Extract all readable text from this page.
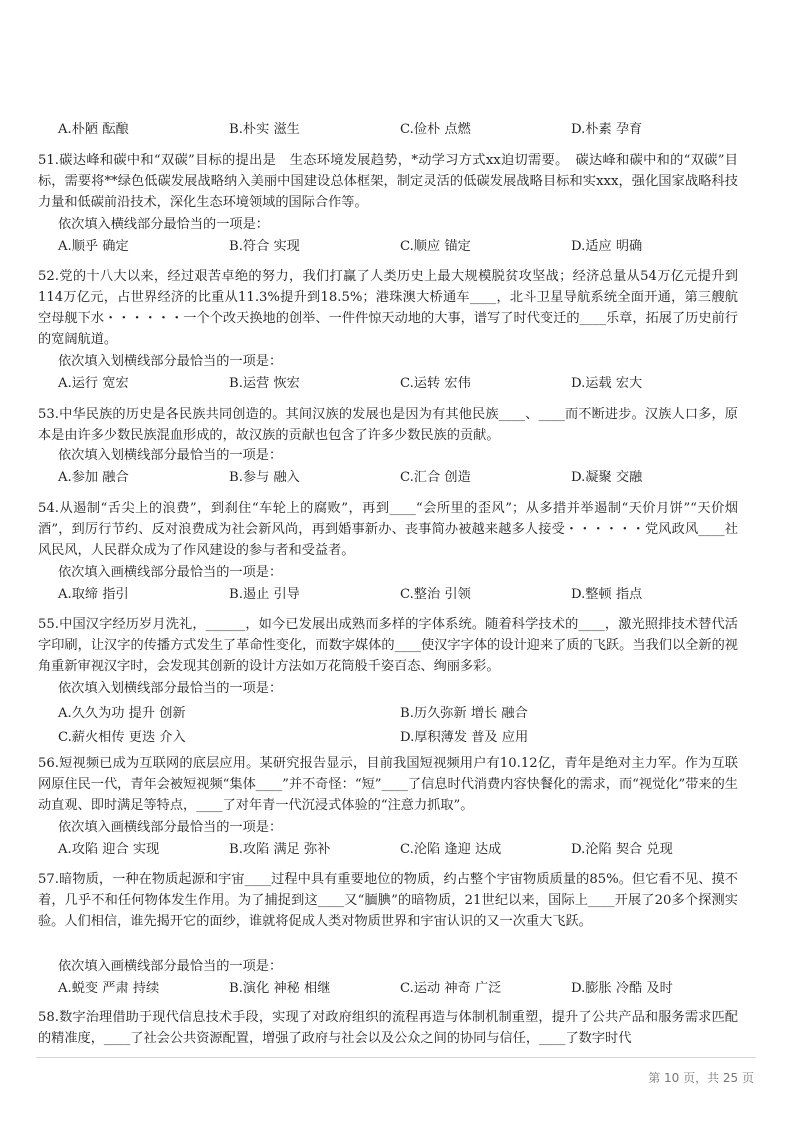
A.朴陋 酝酿	B.朴实 滋生	C.俭朴 点燃	D.朴素 孕育
51.碳达峰和碳中和“双碳”目标的提出是　生态环境发展趋势，*动学习方式xx迫切需要。　碳达峰和碳中和的“双碳”目标，需要将**绿色低碳发展战略纳入美丽中国建设总体框架，制定灵活的低碳发展战略目标和实xxx，强化国家战略科技力量和低碳前沿技术，深化生态环境领域的国际合作等。
依次填入横线部分最恰当的一项是：
A.顺乎 确定	B.符合 实现	C.顺应 锚定	D.适应 明确
52.党的十八大以来，经过艰苦卓绝的努力，我们打赢了人类历史上最大规模脱贫攻坚战；经济总量从54万亿元提升到114万亿元，占世界经济的比重从11.3%提升到18.5%；港珠澳大桥通车____，北斗卫星导航系统全面开通，第三艘航空母舰下水・・・・・・一个个改天换地的创举、一件件惊天动地的大事，谱写了时代变迁的____乐章，拓展了历史前行的宽阔航道。
依次填入划横线部分最恰当的一项是：
A.运行 宽宏	B.运营 恢宏	C.运转 宏伟	D.运载 宏大
53.中华民族的历史是各民族共同创造的。其间汉族的发展也是因为有其他民族____、____而不断进步。汉族人口多，原本是由许多少数民族混血形成的，故汉族的贡献也包含了许多少数民族的贡献。
依次填入划横线部分最恰当的一项是：
A.参加 融合	B.参与 融入	C.汇合 创造	D.凝聚 交融
54.从遏制“舌尖上的浪费”，到刹住“车轮上的腐败”，再到____“会所里的歪风”；从多措并举遏制“天价月饼”“天价烟酒”，到厉行节约、反对浪费成为社会新风尚，再到婚事新办、丧事简办被越来越多人接受・・・・・・党风政风____社风民风，人民群众成为了作风建设的参与者和受益者。
依次填入画横线部分最恰当的一项是：
A.取缔 指引	B.遏止 引导	C.整治 引领	D.整顿 指点
55.中国汉字经历岁月洗礼，______，如今已发展出成熟而多样的字体系统。随着科学技术的____，激光照排技术替代活字印刷，让汉字的传播方式发生了革命性变化，而数字媒体的____使汉字字体的设计迎来了质的飞跃。当我们以全新的视角重新审视汉字时，会发现其创新的设计方法如万花筒般千姿百态、绚丽多彩。
依次填入划横线部分最恰当的一项是：
A.久久为功 提升 创新	B.历久弥新 增长 融合
C.薪火相传 更迭 介入	D.厚积薄发 普及 应用
56.短视频已成为互联网的底层应用。某研究报告显示，目前我国短视频用户有10.12亿，青年是绝对主力军。作为互联网原住民一代，青年会被短视频“集体____”并不奇怪：“短”____了信息时代消费内容快餐化的需求，而“视觉化”带来的生动直观、即时满足等特点，____了对年青一代沉浸式体验的“注意力抓取”。
依次填入画横线部分最恰当的一项是：
A.攻陷 迎合 实现	B.攻陷 满足 弥补	C.沦陷 逢迎 达成	D.沦陷 契合 兑现
57.暗物质，一种在物质起源和宇宙____过程中具有重要地位的物质，约占整个宇宙物质质量的85%。但它看不见、摸不着，几乎不和任何物体发生作用。为了捕捉到这____又“腼腆”的暗物质，21世纪以来，国际上____开展了20多个探测实验。人们相信，谁先揭开它的面纱，谁就将促成人类对物质世界和宇宙认识的又一次重大飞跃。
依次填入画横线部分最恰当的一项是：
A.蜕变 严肃 持续	B.演化 神秘 相继	C.运动 神奇 广泛	D.膨胀 冷酷 及时
58.数字治理借助于现代信息技术手段，实现了对政府组织的流程再造与体制机制重塑，提升了公共产品和服务需求匹配的精准度，____了社会公共资源配置，增强了政府与社会以及公众之间的协同与信任，____了数字时代
第 10 页，共 25 页
